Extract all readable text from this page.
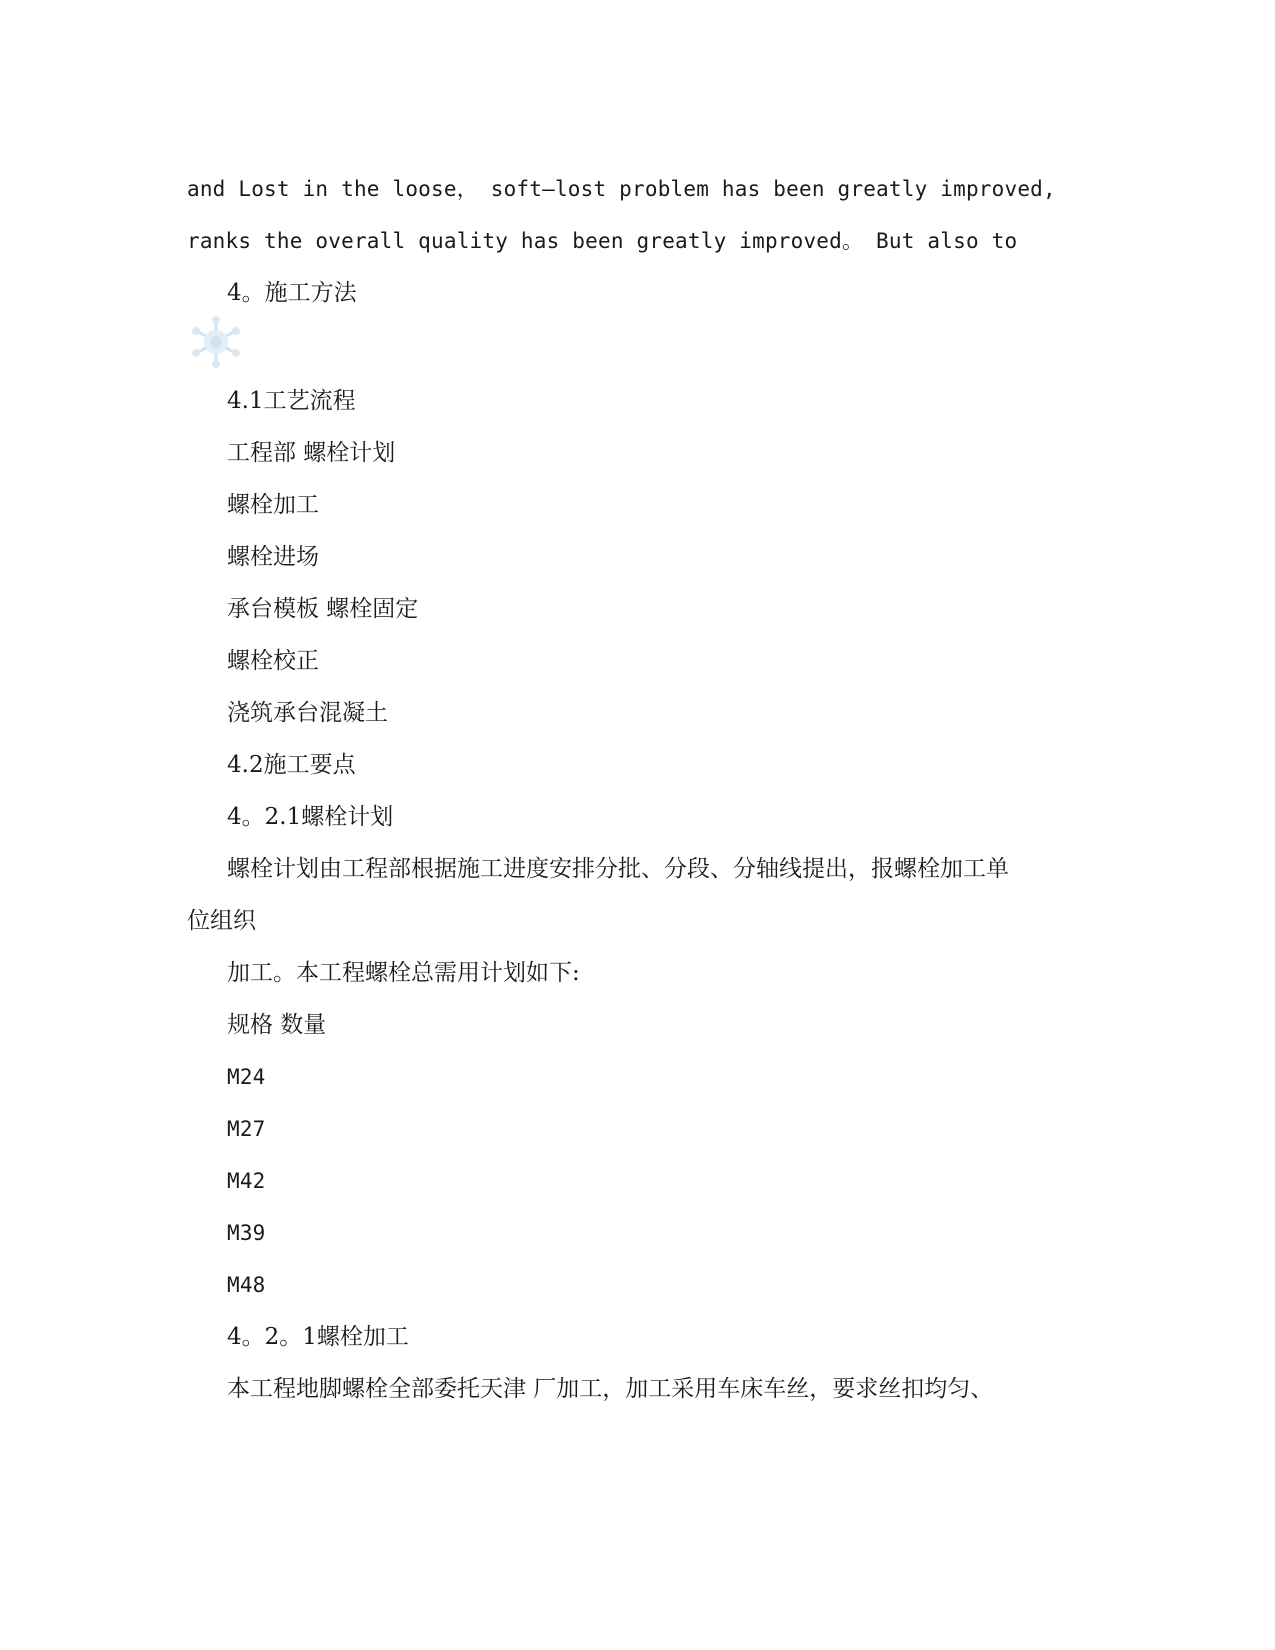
and Lost in the loose， soft—lost problem has been greatly improved,
ranks the overall quality has been greatly improved。 But also to
4。施工方法
4.1工艺流程
工程部 螺栓计划
螺栓加工
螺栓进场
承台模板 螺栓固定
螺栓校正
浇筑承台混凝土
4.2施工要点
4。2.1螺栓计划
螺栓计划由工程部根据施工进度安排分批、分段、分轴线提出，报螺栓加工单
位组织
加工。本工程螺栓总需用计划如下:
规格 数量
M24
M27
M42
M39
M48
4。2。1螺栓加工
本工程地脚螺栓全部委托天津 厂加工，加工采用车床车丝，要求丝扣均匀、
